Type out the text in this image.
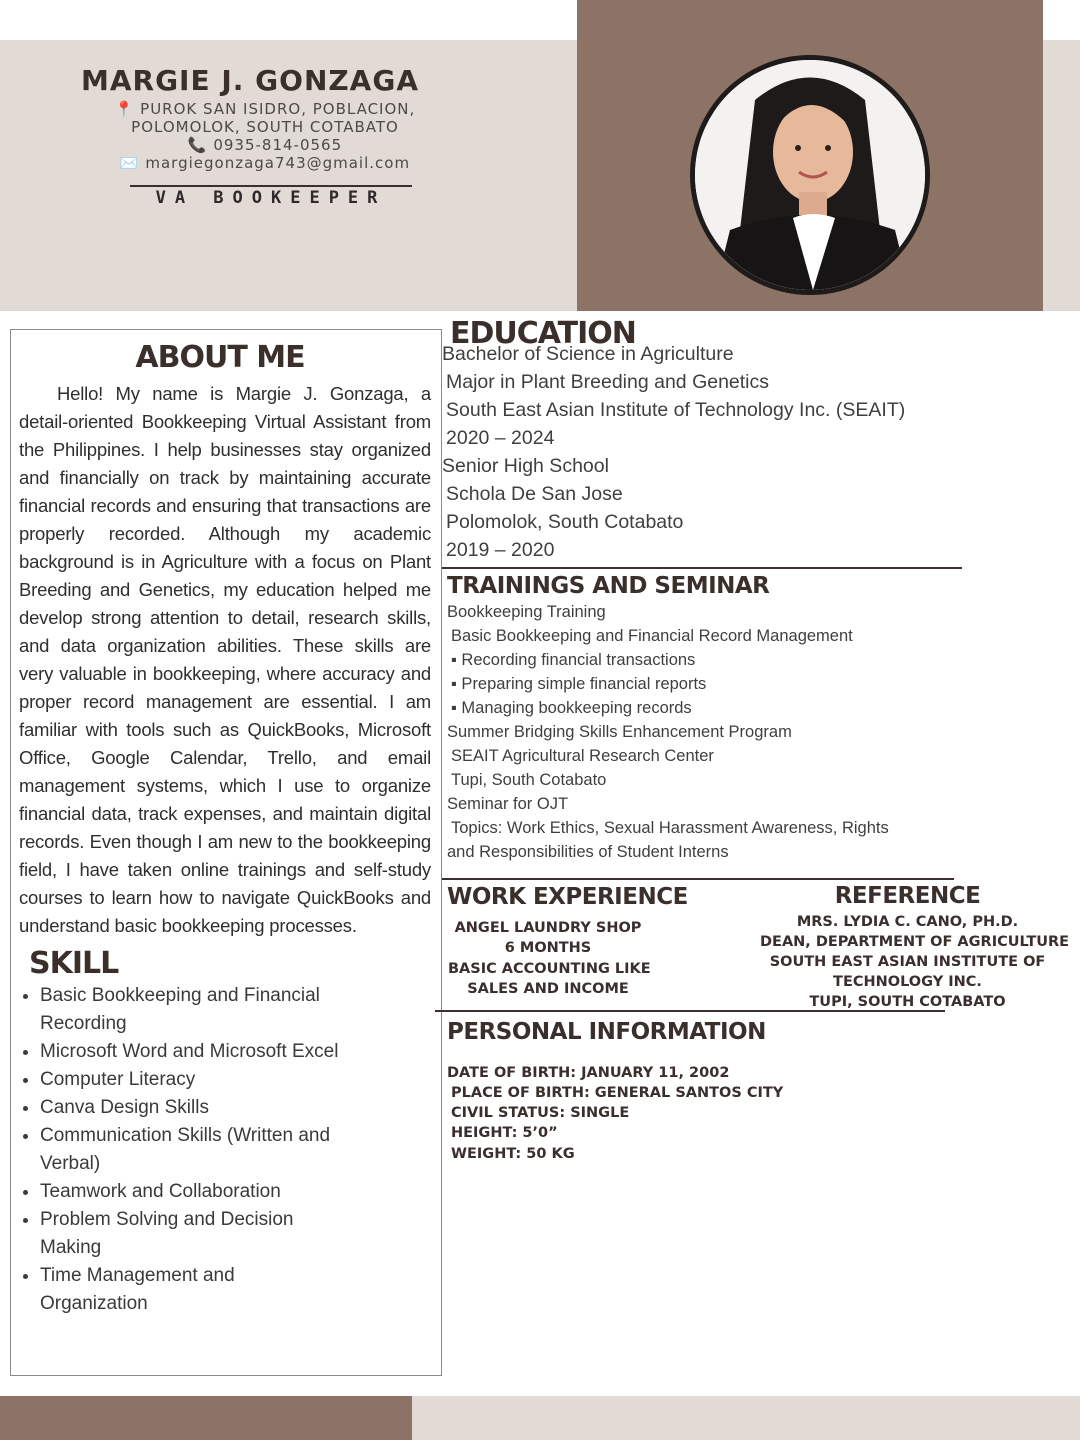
MARGIE J. GONZAGA
📍 PUROK SAN ISIDRO, POBLACION,
POLOMOLOK, SOUTH COTABATO
📞 0935-814-0565
✉️ margiegonzaga743@gmail.com
VA BOOKEEPER
ABOUT ME
Hello! My name is Margie J. Gonzaga, a detail-oriented Bookkeeping Virtual Assistant from the Philippines. I help businesses stay organized and financially on track by maintaining accurate financial records and ensuring that transactions are properly recorded. Although my academic background is in Agriculture with a focus on Plant Breeding and Genetics, my education helped me develop strong attention to detail, research skills, and data organization abilities. These skills are very valuable in bookkeeping, where accuracy and proper record management are essential. I am familiar with tools such as QuickBooks, Microsoft Office, Google Calendar, Trello, and email management systems, which I use to organize financial data, track expenses, and maintain digital records. Even though I am new to the bookkeeping field, I have taken online trainings and self-study courses to learn how to navigate QuickBooks and understand basic bookkeeping processes.
SKILL
• Basic Bookkeeping and Financial Recording
• Microsoft Word and Microsoft Excel
• Computer Literacy
• Canva Design Skills
• Communication Skills (Written and Verbal)
• Teamwork and Collaboration
• Problem Solving and Decision Making
• Time Management and Organization
EDUCATION
Bachelor of Science in Agriculture
Major in Plant Breeding and Genetics
South East Asian Institute of Technology Inc. (SEAIT)
2020 – 2024
Senior High School
Schola De San Jose
Polomolok, South Cotabato
2019 – 2020
TRAININGS AND SEMINAR
Bookkeeping Training
Basic Bookkeeping and Financial Record Management
▪ Recording financial transactions
▪ Preparing simple financial reports
▪ Managing bookkeeping records
Summer Bridging Skills Enhancement Program
SEAIT Agricultural Research Center
Tupi, South Cotabato
Seminar for OJT
Topics: Work Ethics, Sexual Harassment Awareness, Rights
and Responsibilities of Student Interns
WORK EXPERIENCE
ANGEL LAUNDRY SHOP
6 MONTHS
BASIC ACCOUNTING LIKE
SALES AND INCOME
REFERENCE
MRS. LYDIA C. CANO, PH.D.
DEAN, DEPARTMENT OF AGRICULTURE
SOUTH EAST ASIAN INSTITUTE OF
TECHNOLOGY INC.
TUPI, SOUTH COTABATO
PERSONAL INFORMATION
DATE OF BIRTH: JANUARY 11, 2002
PLACE OF BIRTH: GENERAL SANTOS CITY
CIVIL STATUS: SINGLE
HEIGHT: 5’0”
WEIGHT: 50 KG
